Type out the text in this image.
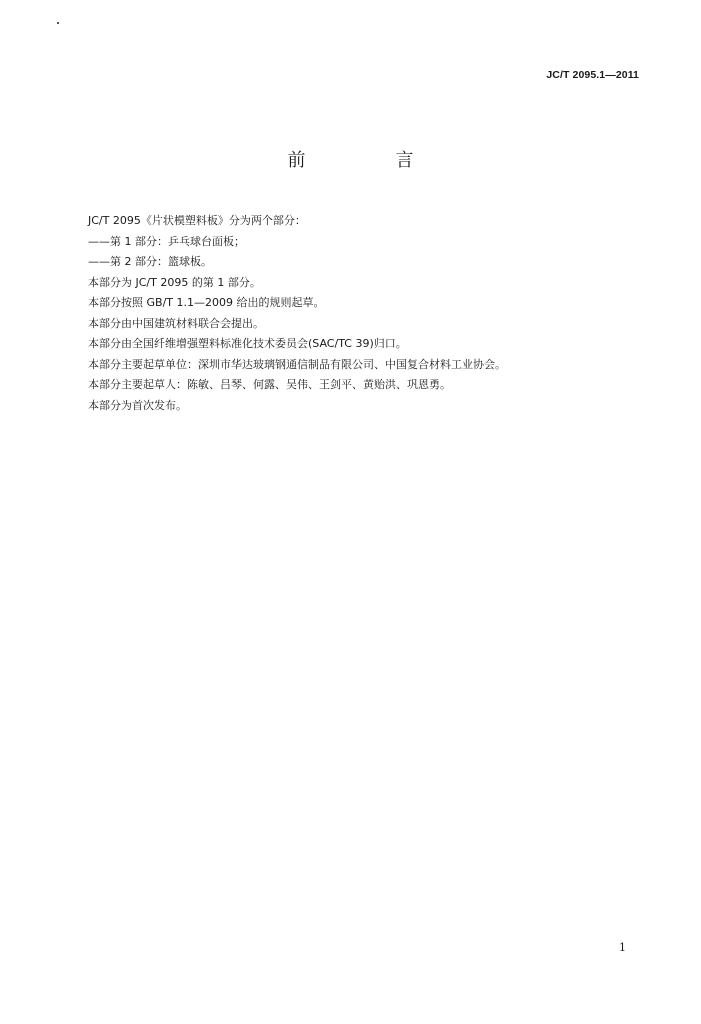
JC/T 2095.1—2011
前　言

JC/T 2095《片状模塑料板》分为两个部分：

——第 1 部分：乒乓球台面板；

——第 2 部分：篮球板。

本部分为 JC/T 2095 的第 1 部分。

本部分按照 GB/T 1.1—2009 给出的规则起草。

本部分由中国建筑材料联合会提出。

本部分由全国纤维增强塑料标准化技术委员会(SAC/TC 39)归口。

本部分主要起草单位：深圳市华达玻璃钢通信制品有限公司、中国复合材料工业协会。

本部分主要起草人：陈敏、吕琴、何露、吴伟、王剑平、黄贻洪、巩恩勇。

本部分为首次发布。

1
